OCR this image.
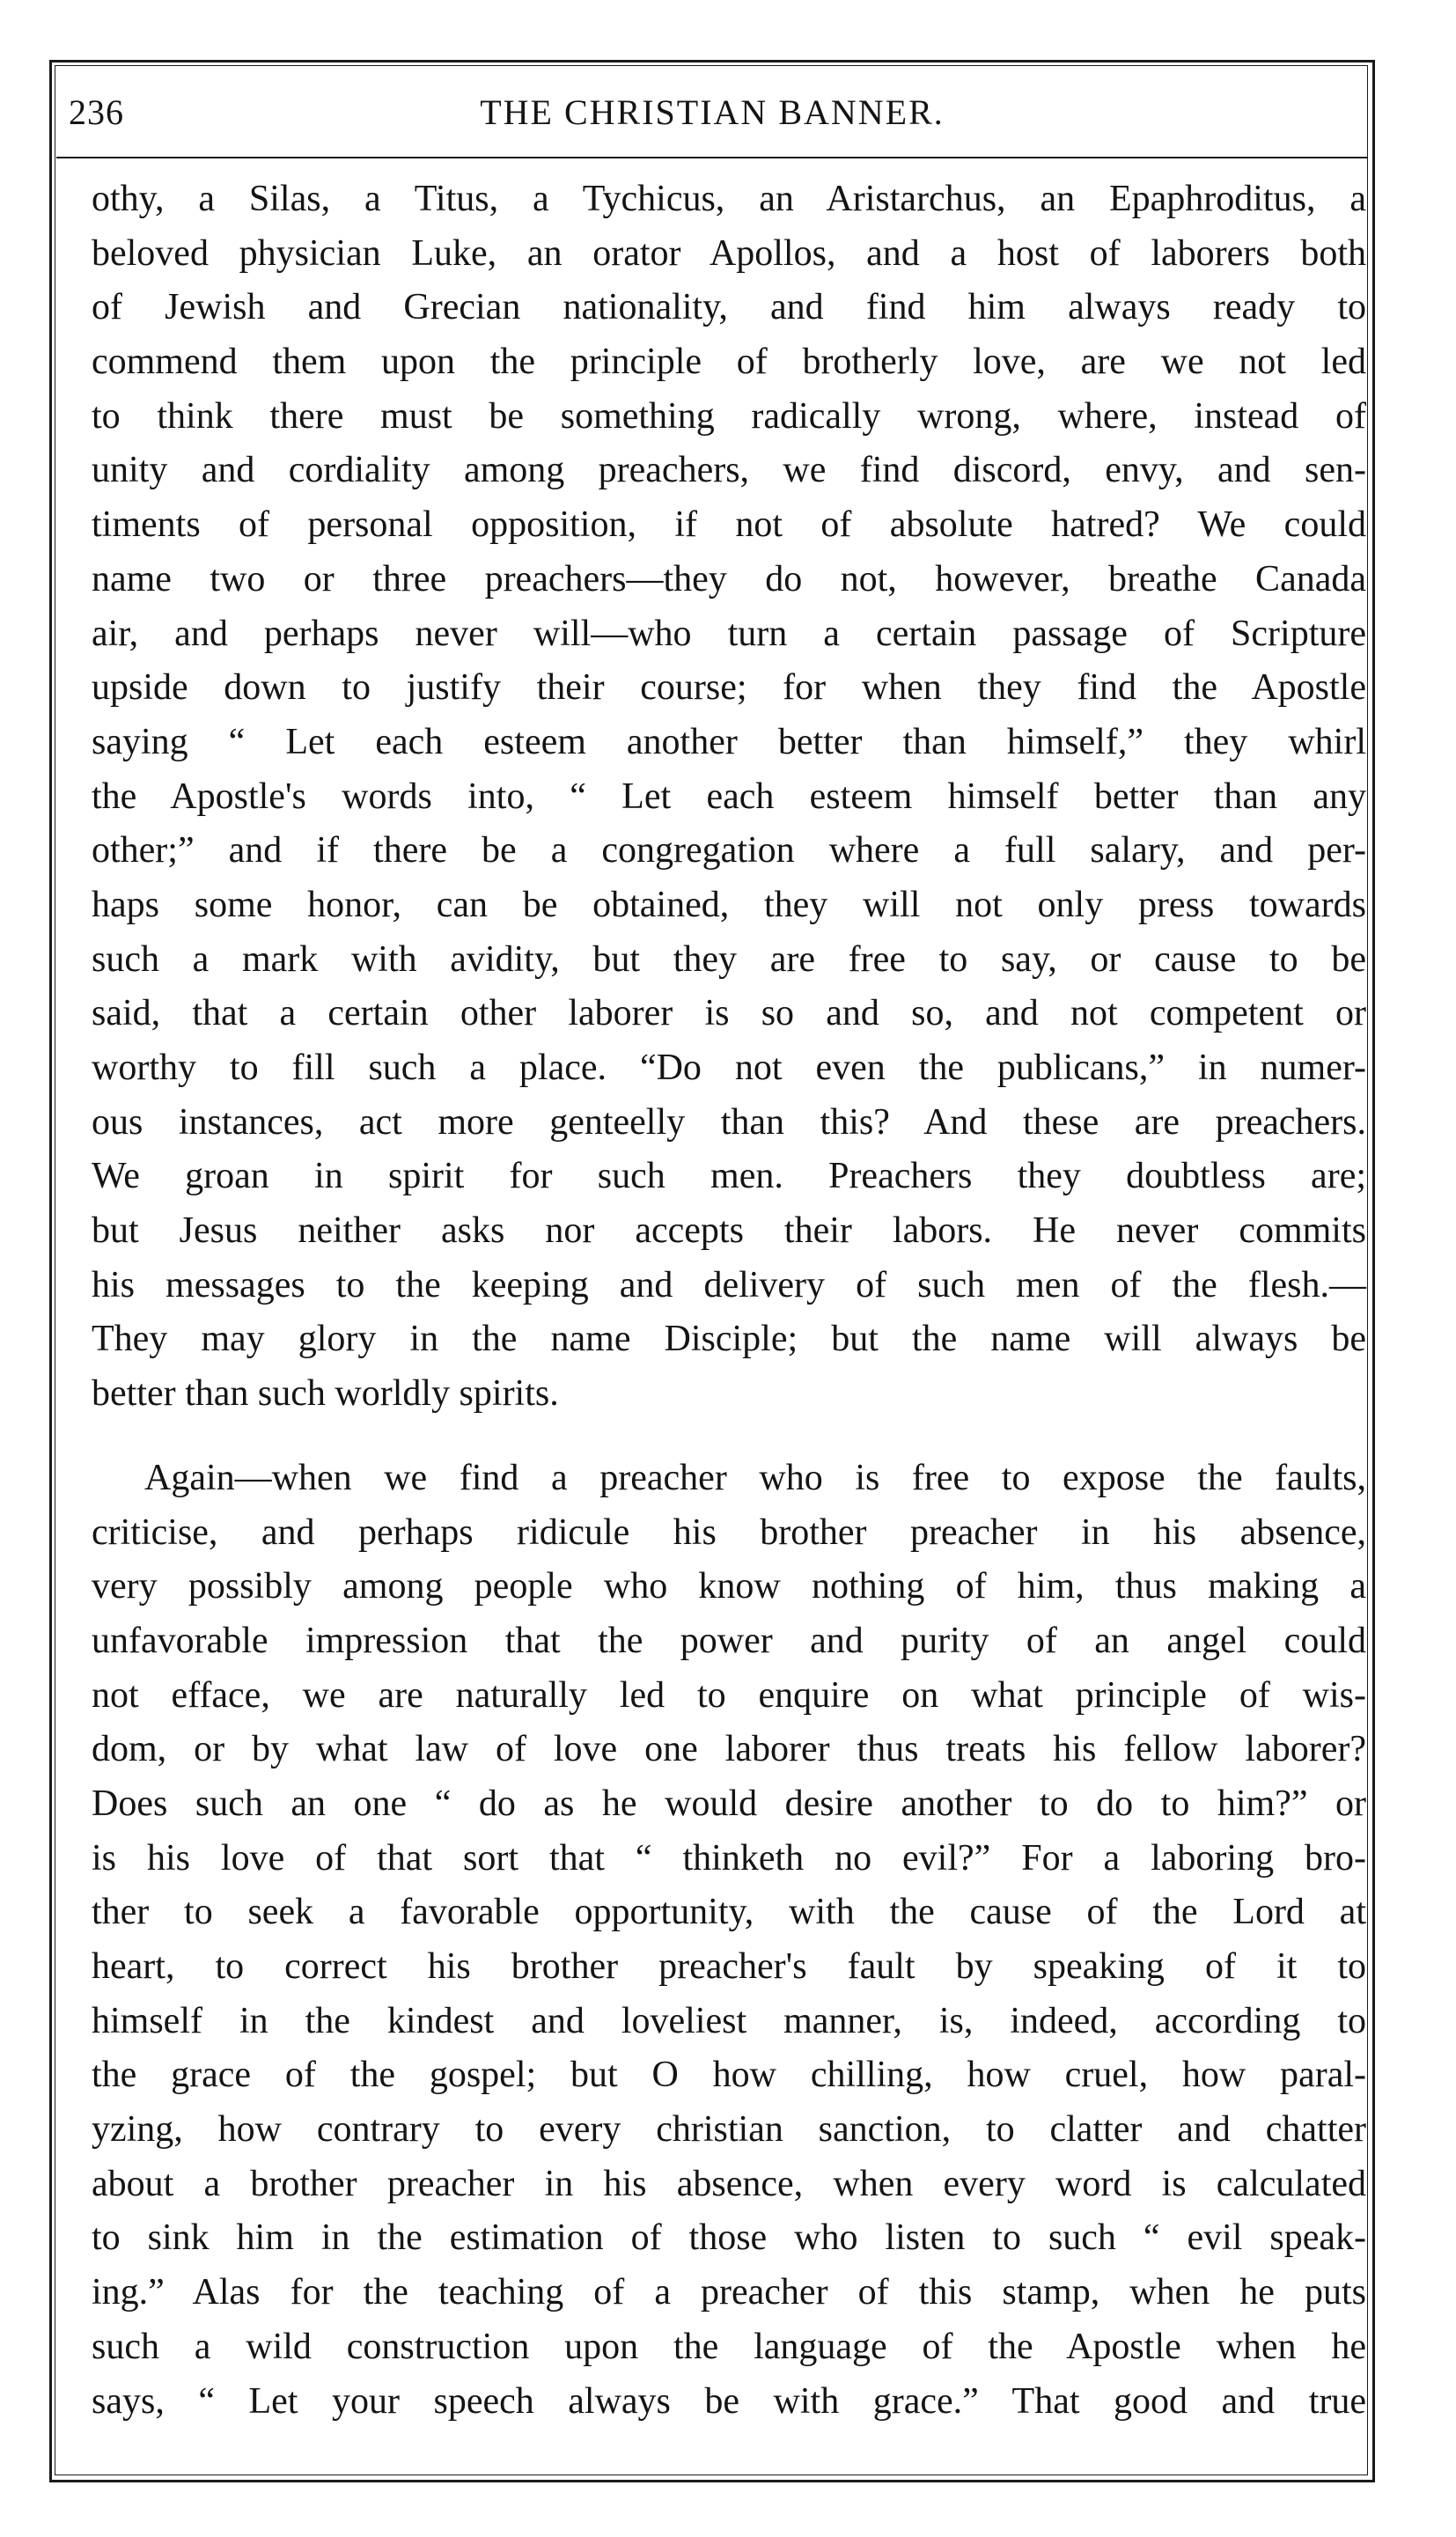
236	THE CHRISTIAN BANNER.

othy, a Silas, a Titus, a Tychicus, an Aristarchus, an Epaphroditus, a
beloved physician Luke, an orator Apollos, and a host of laborers both
of Jewish and Grecian nationality, and find him always ready to
commend them upon the principle of brotherly love, are we not led
to think there must be something radically wrong, where, instead of
unity and cordiality among preachers, we find discord, envy, and sen-
timents of personal opposition, if not of absolute hatred? We could
name two or three preachers—they do not, however, breathe Canada
air, and perhaps never will—who turn a certain passage of Scripture
upside down to justify their course; for when they find the Apostle
saying “ Let each esteem another better than himself,” they whirl
the Apostle's words into, “ Let each esteem himself better than any
other;” and if there be a congregation where a full salary, and per-
haps some honor, can be obtained, they will not only press towards
such a mark with avidity, but they are free to say, or cause to be
said, that a certain other laborer is so and so, and not competent or
worthy to fill such a place. “Do not even the publicans,” in numer-
ous instances, act more genteelly than this? And these are preachers.
We groan in spirit for such men. Preachers they doubtless are;
but Jesus neither asks nor accepts their labors. He never commits
his messages to the keeping and delivery of such men of the flesh.—
They may glory in the name Disciple; but the name will always be
better than such worldly spirits.

Again—when we find a preacher who is free to expose the faults,
criticise, and perhaps ridicule his brother preacher in his absence,
very possibly among people who know nothing of him, thus making a
unfavorable impression that the power and purity of an angel could
not efface, we are naturally led to enquire on what principle of wis-
dom, or by what law of love one laborer thus treats his fellow laborer?
Does such an one “ do as he would desire another to do to him?” or
is his love of that sort that “ thinketh no evil?” For a laboring bro-
ther to seek a favorable opportunity, with the cause of the Lord at
heart, to correct his brother preacher's fault by speaking of it to
himself in the kindest and loveliest manner, is, indeed, according to
the grace of the gospel; but O how chilling, how cruel, how paral-
yzing, how contrary to every christian sanction, to clatter and chatter
about a brother preacher in his absence, when every word is calculated
to sink him in the estimation of those who listen to such “ evil speak-
ing.” Alas for the teaching of a preacher of this stamp, when he puts
such a wild construction upon the language of the Apostle when he
says, “ Let your speech always be with grace.” That good and true
